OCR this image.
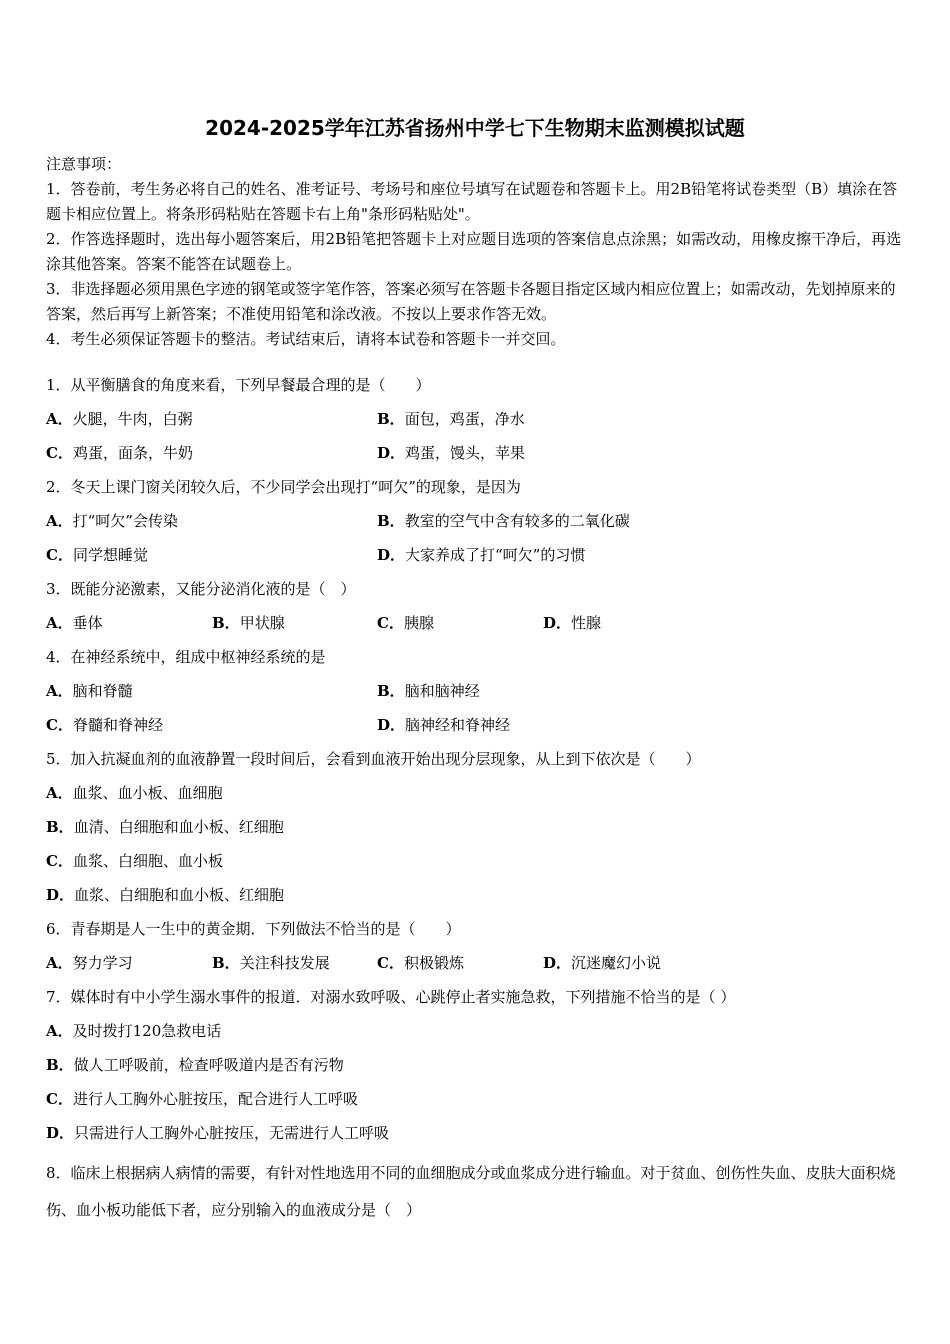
2024-2025学年江苏省扬州中学七下生物期末监测模拟试题

注意事项：

1．答卷前，考生务必将自己的姓名、准考证号、考场号和座位号填写在试题卷和答题卡上。用2B铅笔将试卷类型（B）填涂在答题卡相应位置上。将条形码粘贴在答题卡右上角"条形码粘贴处"。

2．作答选择题时，选出每小题答案后，用2B铅笔把答题卡上对应题目选项的答案信息点涂黑；如需改动，用橡皮擦干净后，再选涂其他答案。答案不能答在试题卷上。

3．非选择题必须用黑色字迹的钢笔或签字笔作答，答案必须写在答题卡各题目指定区域内相应位置上；如需改动，先划掉原来的答案，然后再写上新答案；不准使用铅笔和涂改液。不按以上要求作答无效。

4．考生必须保证答题卡的整洁。考试结束后，请将本试卷和答题卡一并交回。

1．从平衡膳食的角度来看，下列早餐最合理的是（　　）
A．火腿，牛肉，白粥	B．面包，鸡蛋，净水
C．鸡蛋，面条，牛奶	D．鸡蛋，馒头，苹果
2．冬天上课门窗关闭较久后，不少同学会出现打“呵欠”的现象，是因为
A．打“呵欠”会传染	B．教室的空气中含有较多的二氧化碳
C．同学想睡觉	D．大家养成了打“呵欠”的习惯
3．既能分泌激素，又能分泌消化液的是（　）
A．垂体	B．甲状腺	C．胰腺	D．性腺
4．在神经系统中，组成中枢神经系统的是
A．脑和脊髓	B．脑和脑神经
C．脊髓和脊神经	D．脑神经和脊神经
5．加入抗凝血剂的血液静置一段时间后，会看到血液开始出现分层现象，从上到下依次是（　　）
A．血浆、血小板、血细胞
B．血清、白细胞和血小板、红细胞
C．血浆、白细胞、血小板
D．血浆、白细胞和血小板、红细胞
6．青春期是人一生中的黄金期．下列做法不恰当的是（　　）
A．努力学习	B．关注科技发展	C．积极锻炼	D．沉迷魔幻小说
7．媒体时有中小学生溺水事件的报道．对溺水致呼吸、心跳停止者实施急救，下列措施不恰当的是（ ）
A．及时拨打120急救电话
B．做人工呼吸前，检查呼吸道内是否有污物
C．进行人工胸外心脏按压，配合进行人工呼吸
D．只需进行人工胸外心脏按压，无需进行人工呼吸
8．临床上根据病人病情的需要，有针对性地选用不同的血细胞成分或血浆成分进行输血。对于贫血、创伤性失血、皮肤大面积烧伤、血小板功能低下者，应分别输入的血液成分是（　）
